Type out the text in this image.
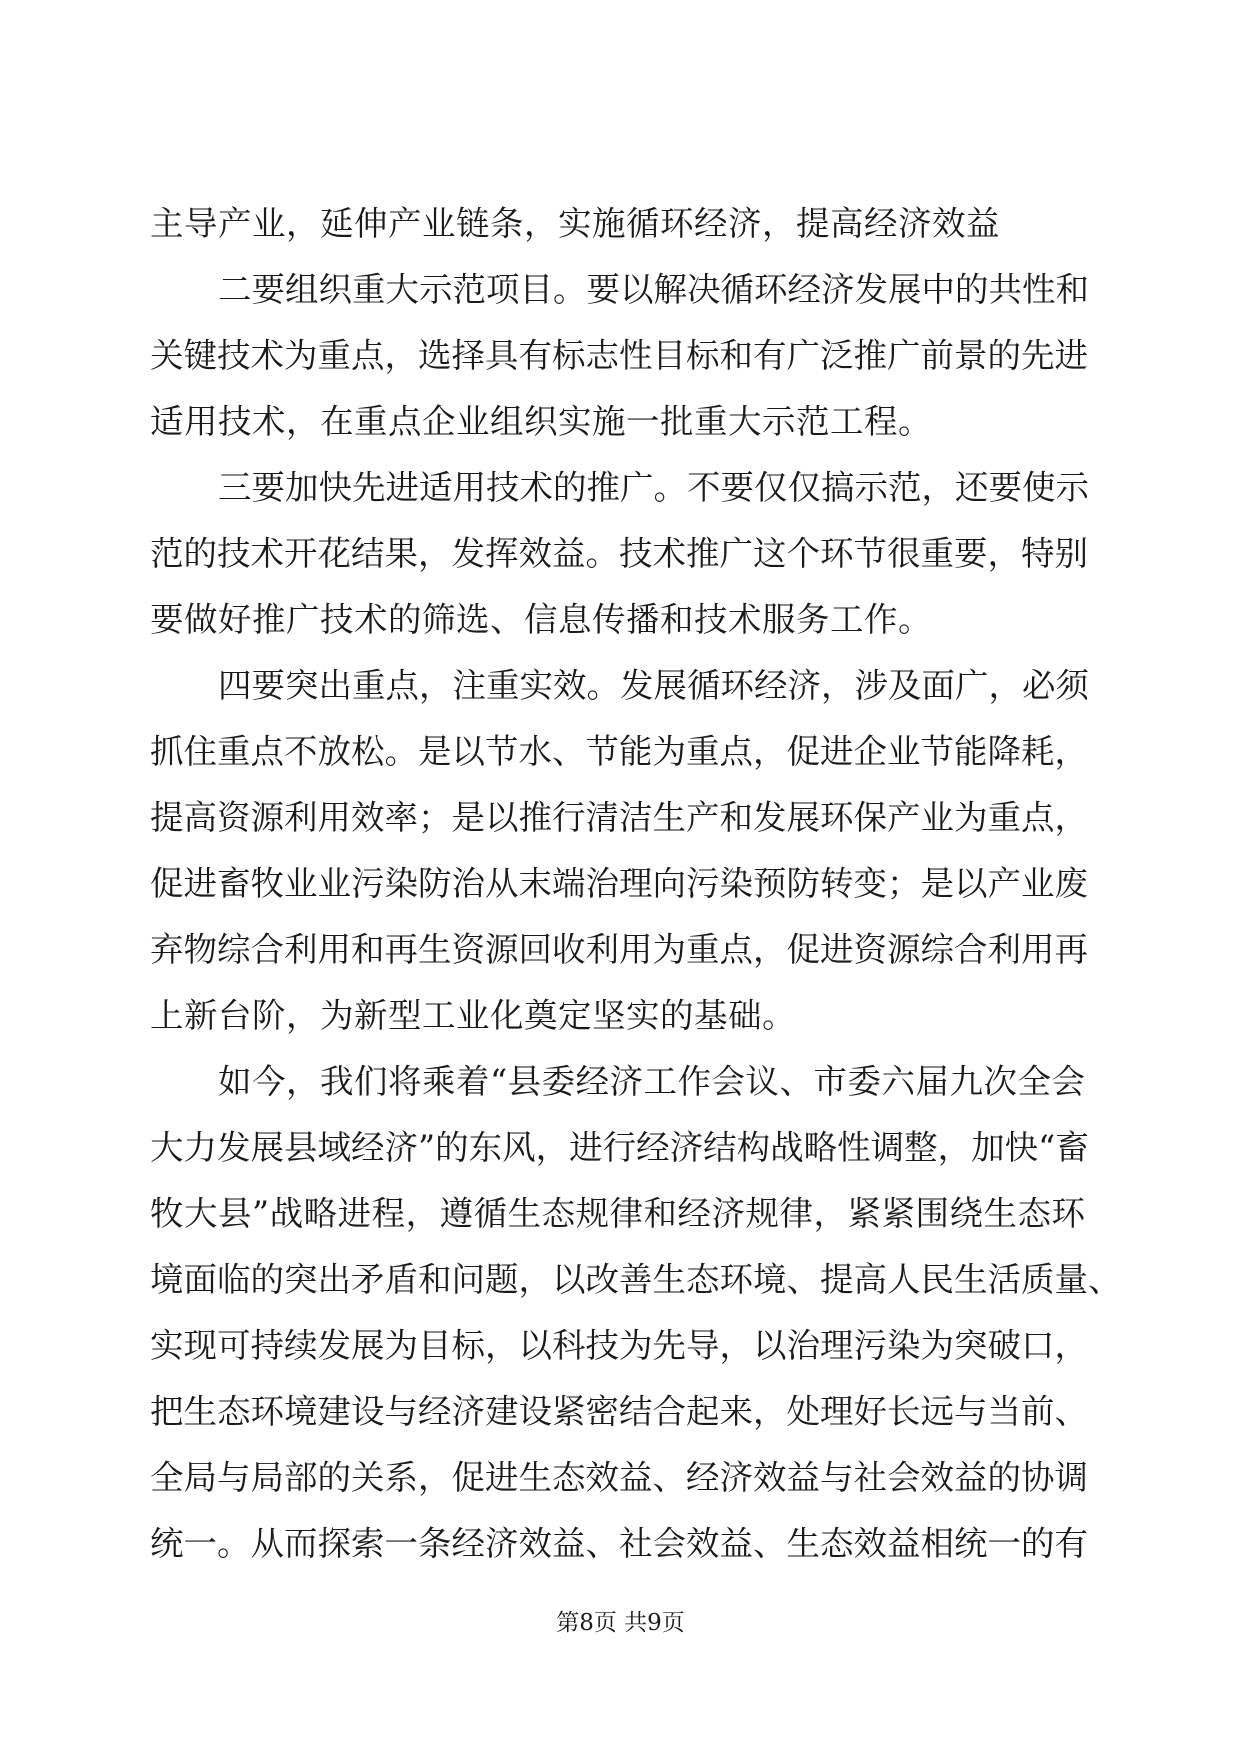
主导产业，延伸产业链条，实施循环经济，提高经济效益
二要组织重大示范项目。要以解决循环经济发展中的共性和
关键技术为重点，选择具有标志性目标和有广泛推广前景的先进
适用技术，在重点企业组织实施一批重大示范工程。
三要加快先进适用技术的推广。不要仅仅搞示范，还要使示
范的技术开花结果，发挥效益。技术推广这个环节很重要，特别
要做好推广技术的筛选、信息传播和技术服务工作。
四要突出重点，注重实效。发展循环经济，涉及面广，必须
抓住重点不放松。是以节水、节能为重点，促进企业节能降耗，
提高资源利用效率；是以推行清洁生产和发展环保产业为重点，
促进畜牧业业污染防治从末端治理向污染预防转变；是以产业废
弃物综合利用和再生资源回收利用为重点，促进资源综合利用再
上新台阶，为新型工业化奠定坚实的基础。
如今，我们将乘着“县委经济工作会议、市委六届九次全会
大力发展县域经济”的东风，进行经济结构战略性调整，加快“畜
牧大县”战略进程，遵循生态规律和经济规律，紧紧围绕生态环
境面临的突出矛盾和问题，以改善生态环境、提高人民生活质量、
实现可持续发展为目标，以科技为先导，以治理污染为突破口，
把生态环境建设与经济建设紧密结合起来，处理好长远与当前、
全局与局部的关系，促进生态效益、经济效益与社会效益的协调
统一。从而探索一条经济效益、社会效益、生态效益相统一的有
第8页 共9页
